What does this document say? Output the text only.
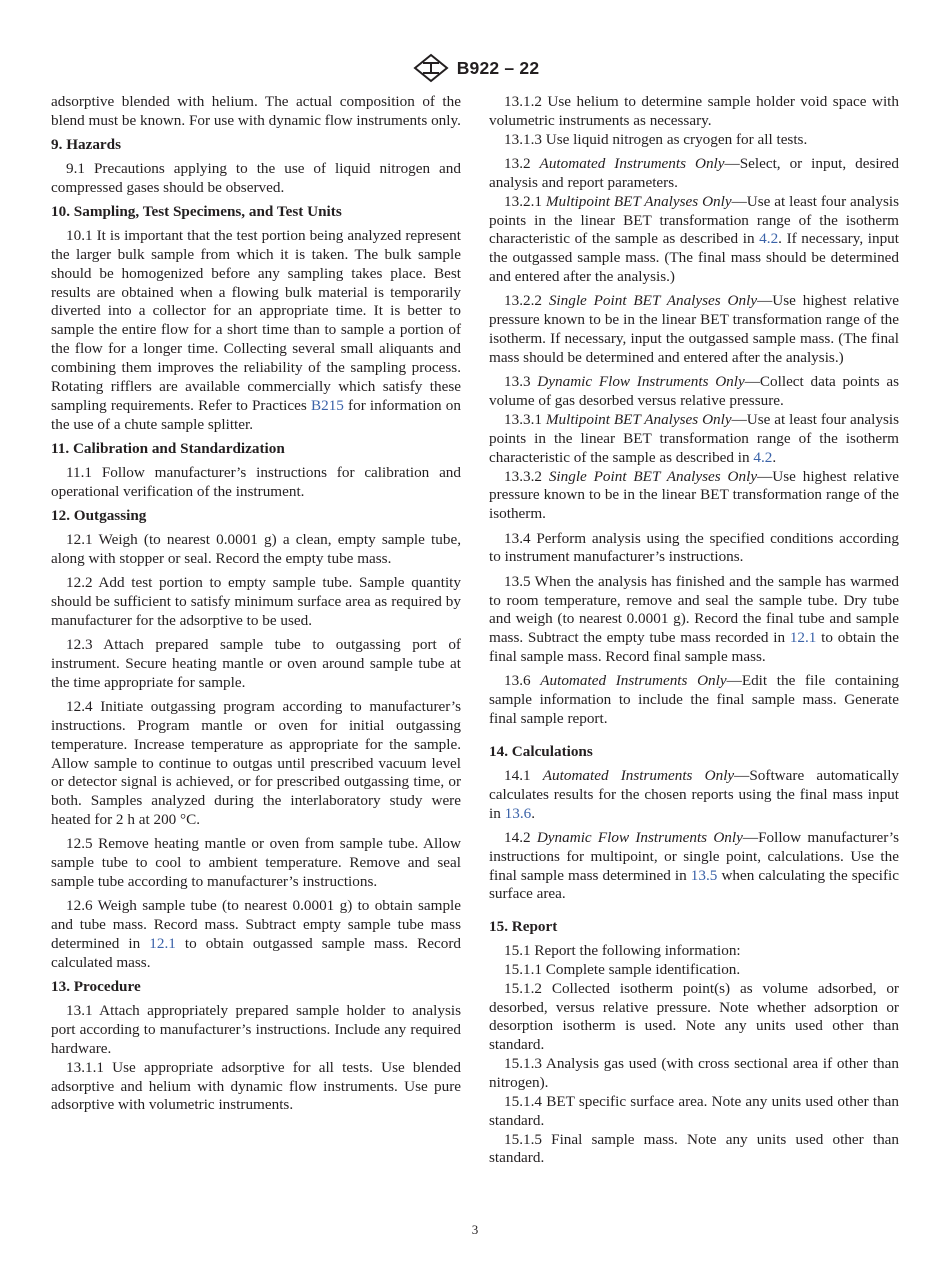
B922 – 22

adsorptive blended with helium. The actual composition of the blend must be known. For use with dynamic flow instruments only.

9. Hazards

9.1 Precautions applying to the use of liquid nitrogen and compressed gases should be observed.

10. Sampling, Test Specimens, and Test Units

10.1 It is important that the test portion being analyzed represent the larger bulk sample from which it is taken. The bulk sample should be homogenized before any sampling takes place. Best results are obtained when a flowing bulk material is temporarily diverted into a collector for an appropriate time. It is better to sample the entire flow for a short time than to sample a portion of the flow for a longer time. Collecting several small aliquants and combining them improves the reliability of the sampling process. Rotating rifflers are available commercially which satisfy these sampling requirements. Refer to Practices B215 for information on the use of a chute sample splitter.

11. Calibration and Standardization

11.1 Follow manufacturer’s instructions for calibration and operational verification of the instrument.

12. Outgassing

12.1 Weigh (to nearest 0.0001 g) a clean, empty sample tube, along with stopper or seal. Record the empty tube mass.

12.2 Add test portion to empty sample tube. Sample quantity should be sufficient to satisfy minimum surface area as required by manufacturer for the adsorptive to be used.

12.3 Attach prepared sample tube to outgassing port of instrument. Secure heating mantle or oven around sample tube at the time appropriate for sample.

12.4 Initiate outgassing program according to manufacturer’s instructions. Program mantle or oven for initial outgassing temperature. Increase temperature as appropriate for the sample. Allow sample to continue to outgas until prescribed vacuum level or detector signal is achieved, or for prescribed outgassing time, or both. Samples analyzed during the interlaboratory study were heated for 2 h at 200 °C.

12.5 Remove heating mantle or oven from sample tube. Allow sample tube to cool to ambient temperature. Remove and seal sample tube according to manufacturer’s instructions.

12.6 Weigh sample tube (to nearest 0.0001 g) to obtain sample and tube mass. Record mass. Subtract empty sample tube mass determined in 12.1 to obtain outgassed sample mass. Record calculated mass.

13. Procedure

13.1 Attach appropriately prepared sample holder to analysis port according to manufacturer’s instructions. Include any required hardware.

13.1.1 Use appropriate adsorptive for all tests. Use blended adsorptive and helium with dynamic flow instruments. Use pure adsorptive with volumetric instruments.

13.1.2 Use helium to determine sample holder void space with volumetric instruments as necessary.

13.1.3 Use liquid nitrogen as cryogen for all tests.

13.2 Automated Instruments Only—Select, or input, desired analysis and report parameters.

13.2.1 Multipoint BET Analyses Only—Use at least four analysis points in the linear BET transformation range of the isotherm characteristic of the sample as described in 4.2. If necessary, input the outgassed sample mass. (The final mass should be determined and entered after the analysis.)

13.2.2 Single Point BET Analyses Only—Use highest relative pressure known to be in the linear BET transformation range of the isotherm. If necessary, input the outgassed sample mass. (The final mass should be determined and entered after the analysis.)

13.3 Dynamic Flow Instruments Only—Collect data points as volume of gas desorbed versus relative pressure.

13.3.1 Multipoint BET Analyses Only—Use at least four analysis points in the linear BET transformation range of the isotherm characteristic of the sample as described in 4.2.

13.3.2 Single Point BET Analyses Only—Use highest relative pressure known to be in the linear BET transformation range of the isotherm.

13.4 Perform analysis using the specified conditions according to instrument manufacturer’s instructions.

13.5 When the analysis has finished and the sample has warmed to room temperature, remove and seal the sample tube. Dry tube and weigh (to nearest 0.0001 g). Record the final tube and sample mass. Subtract the empty tube mass recorded in 12.1 to obtain the final sample mass. Record final sample mass.

13.6 Automated Instruments Only—Edit the file containing sample information to include the final sample mass. Generate final sample report.

14. Calculations

14.1 Automated Instruments Only—Software automatically calculates results for the chosen reports using the final mass input in 13.6.

14.2 Dynamic Flow Instruments Only—Follow manufacturer’s instructions for multipoint, or single point, calculations. Use the final sample mass determined in 13.5 when calculating the specific surface area.

15. Report

15.1 Report the following information:

15.1.1 Complete sample identification.

15.1.2 Collected isotherm point(s) as volume adsorbed, or desorbed, versus relative pressure. Note whether adsorption or desorption isotherm is used. Note any units used other than standard.

15.1.3 Analysis gas used (with cross sectional area if other than nitrogen).

15.1.4 BET specific surface area. Note any units used other than standard.

15.1.5 Final sample mass. Note any units used other than standard.

3
